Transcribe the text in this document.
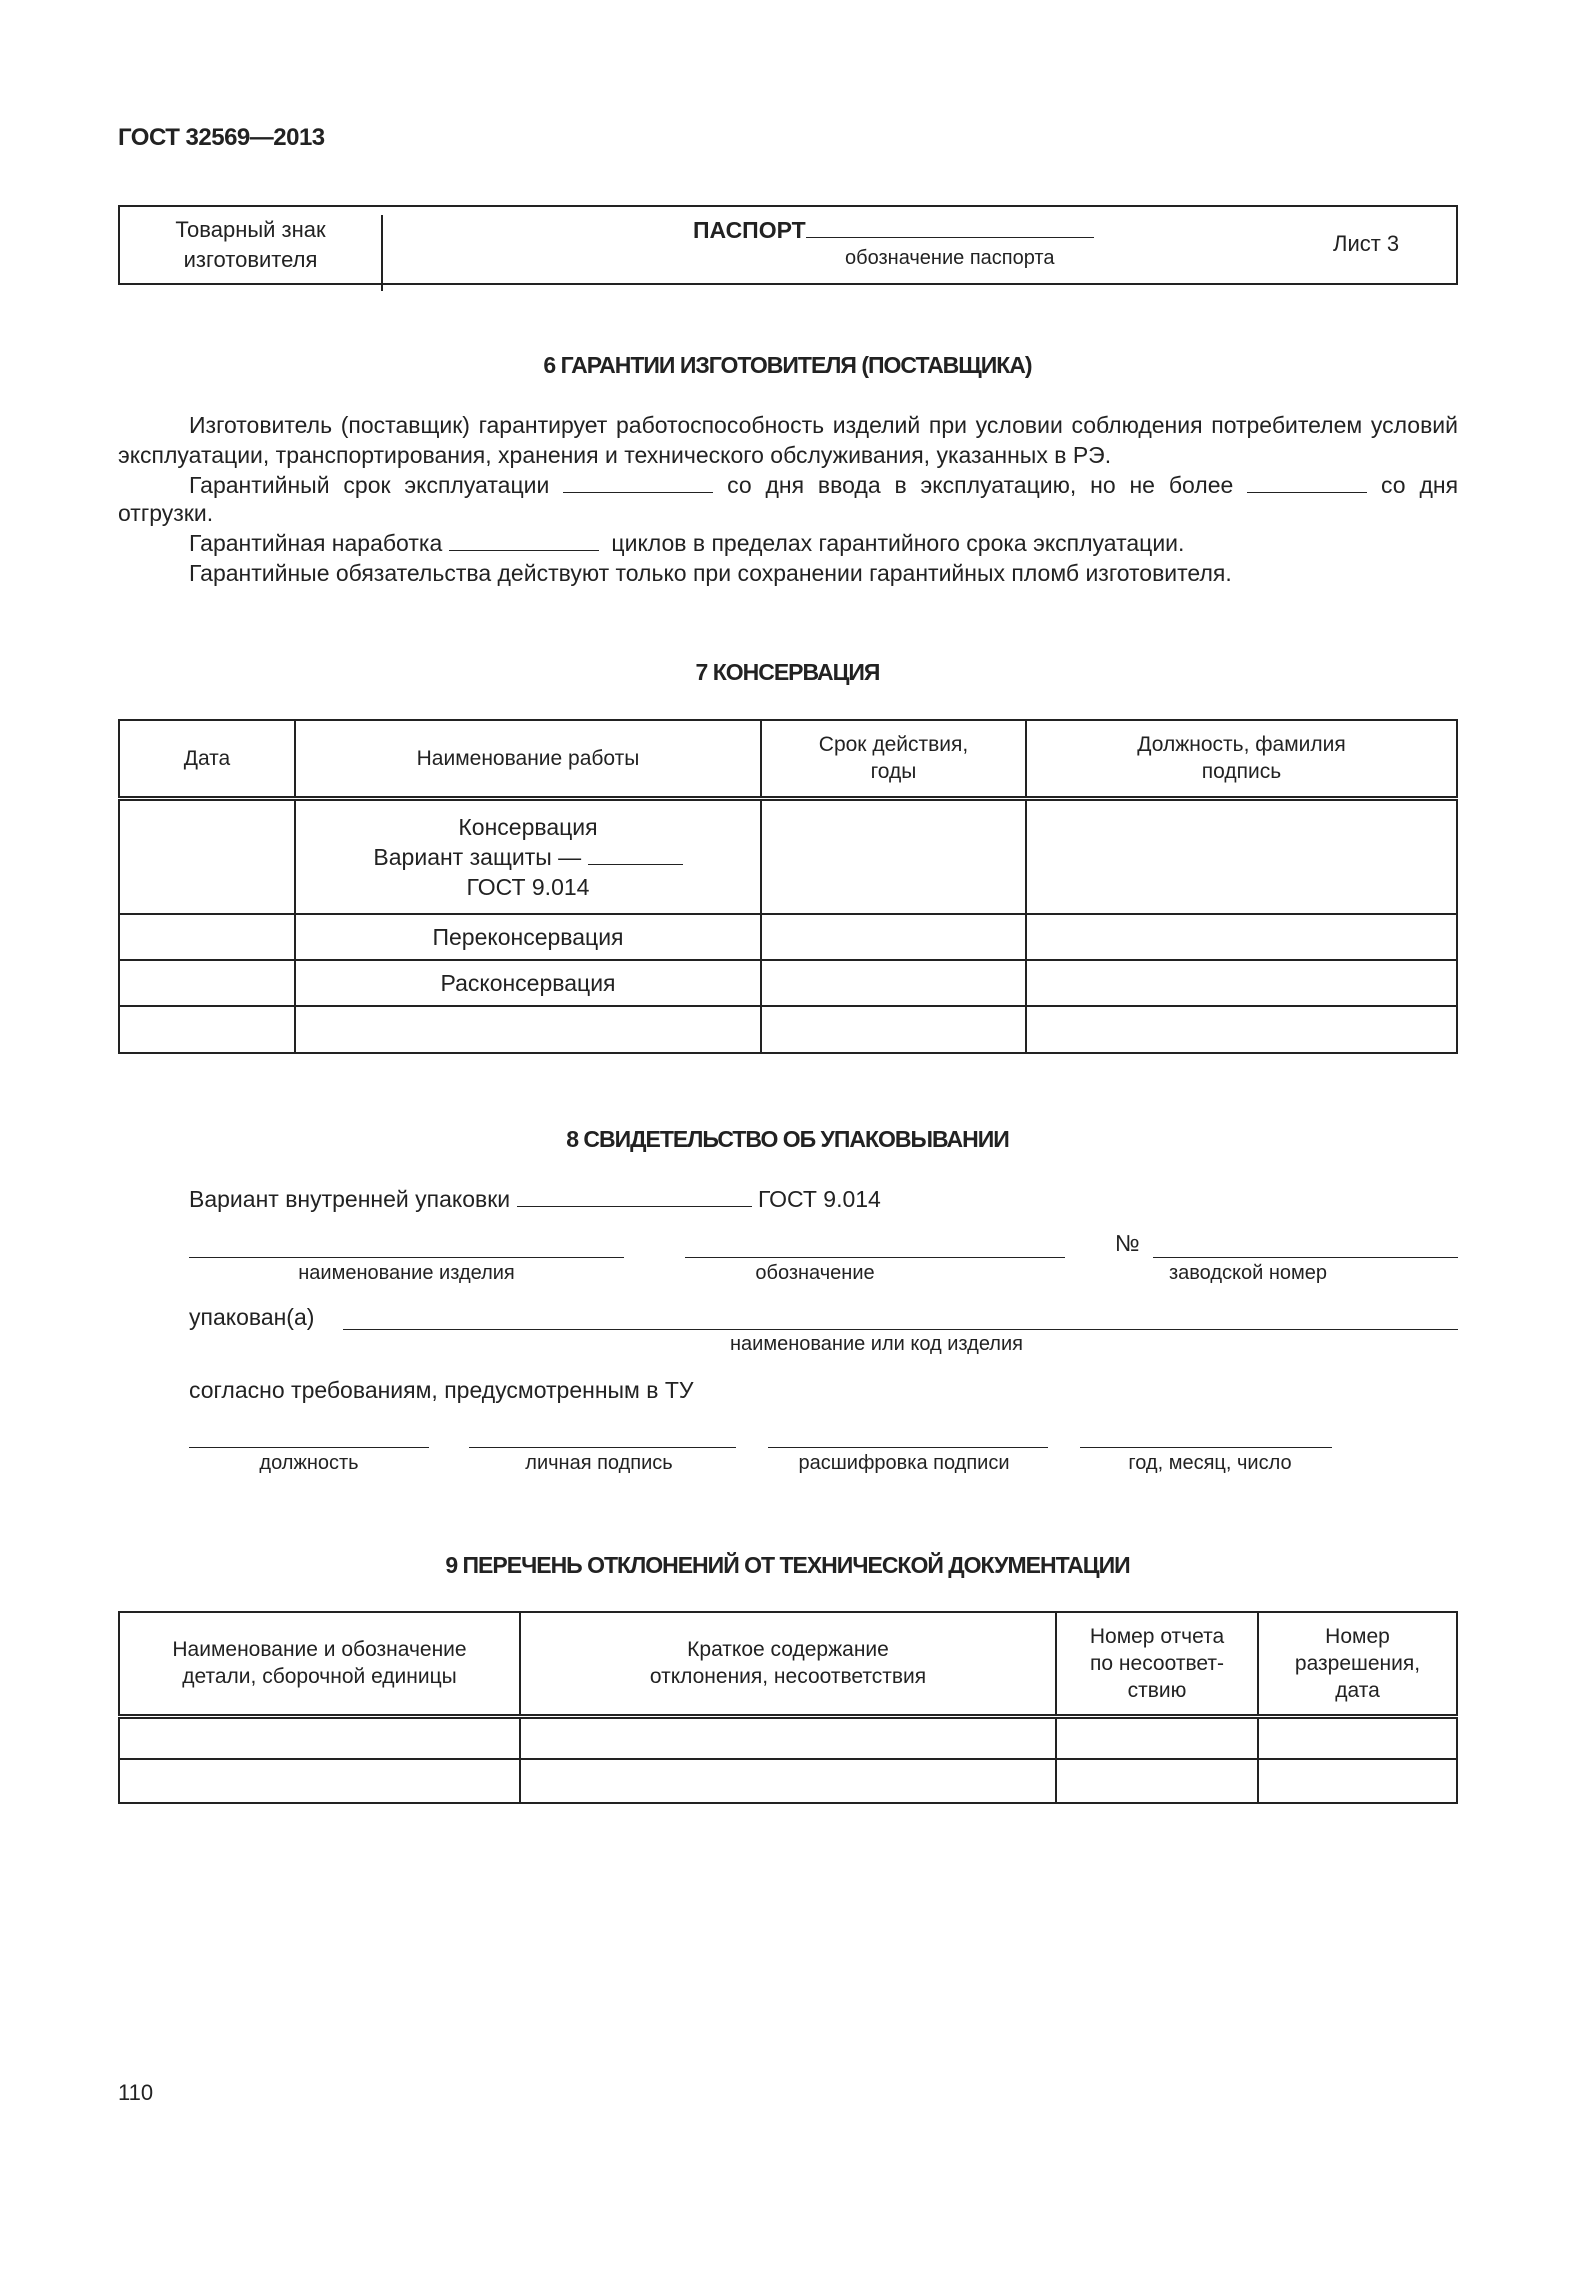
ГОСТ 32569—2013
Товарный знак изготовителя
ПАСПОРТ
обозначение паспорта
Лист 3
6 ГАРАНТИИ ИЗГОТОВИТЕЛЯ (ПОСТАВЩИКА)
Изготовитель (поставщик) гарантирует работоспособность изделий при условии соблюдения потребителем условий эксплуатации, транспортирования, хранения и технического обслуживания, указанных в РЭ.
Гарантийный срок эксплуатации	со дня ввода в эксплуатацию, но не более	со дня
отгрузки.
Гарантийная наработка	циклов в пределах гарантийного срока эксплуатации.
Гарантийные обязательства действуют только при сохранении гарантийных пломб изготовителя.
7 КОНСЕРВАЦИЯ
Дата	Наименование работы	Срок действия, годы	Должность, фамилия подпись

	Консервация
Вариант защиты —
ГОСТ 9.014		

	Переконсервация		
	Расконсервация		

8 СВИДЕТЕЛЬСТВО ОБ УПАКОВЫВАНИИ
Вариант внутренней упаковки	ГОСТ 9.014
№
наименование изделия	обозначение	заводской номер
упакован(а)
наименование или код изделия
согласно требованиям, предусмотренным в ТУ
должность	личная подпись	расшифровка подписи	год, месяц, число
9 ПЕРЕЧЕНЬ ОТКЛОНЕНИЙ ОТ ТЕХНИЧЕСКОЙ ДОКУМЕНТАЦИИ
Наименование и обозначение детали, сборочной единицы	Краткое содержание отклонения, несоответствия	Номер отчета по несоответ-ствию	Номер разрешения, дата

110
